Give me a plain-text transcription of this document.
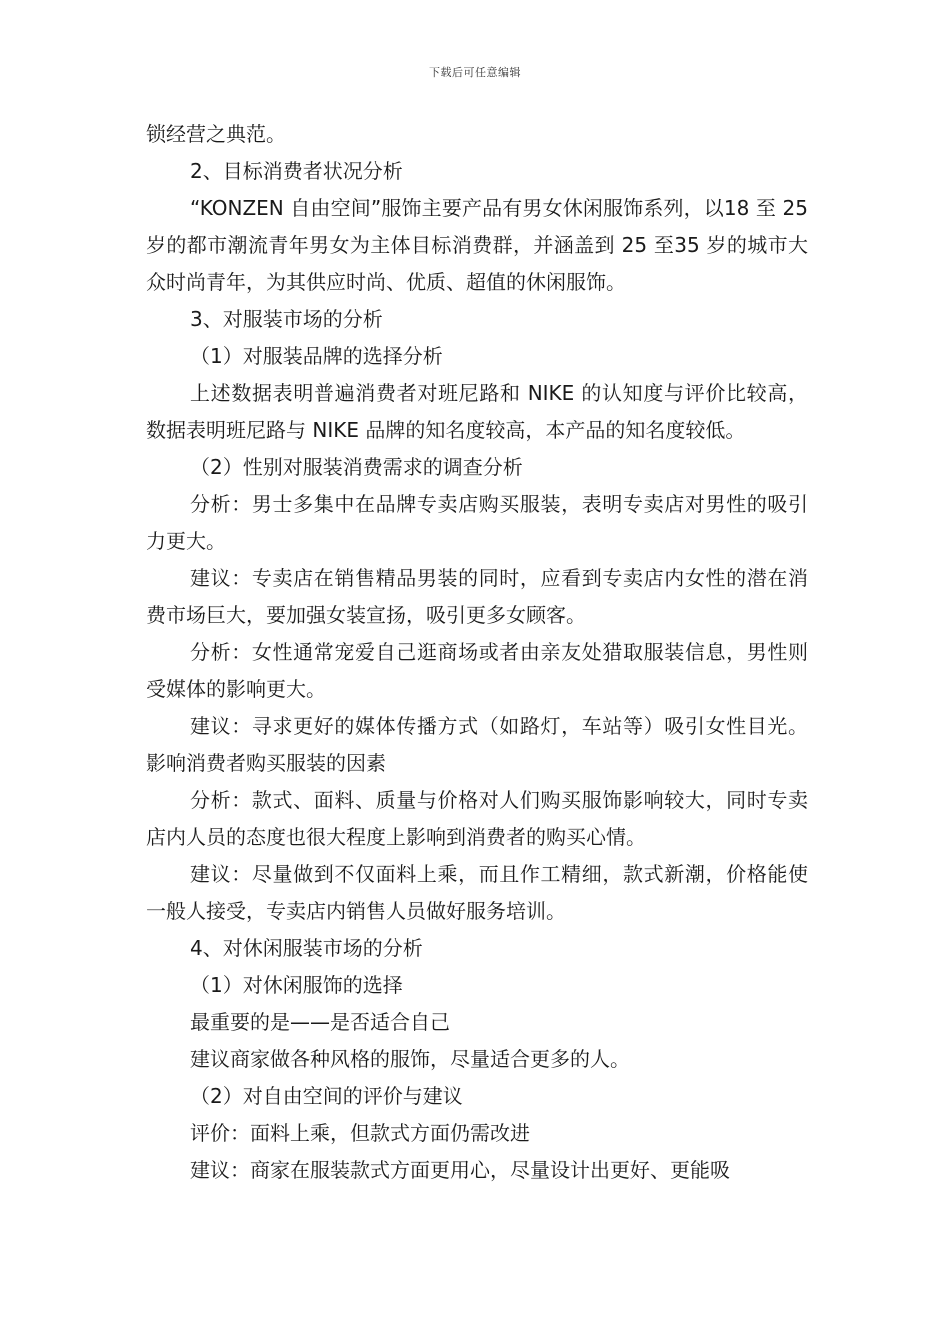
下载后可任意编辑

锁经营之典范。

2、目标消费者状况分析

“KONZEN 自由空间”服饰主要产品有男女休闲服饰系列，以18 至 25 岁的都市潮流青年男女为主体目标消费群，并涵盖到 25 至35 岁的城市大众时尚青年，为其供应时尚、优质、超值的休闲服饰。

3、对服装市场的分析

（1）对服装品牌的选择分析

上述数据表明普遍消费者对班尼路和 NIKE 的认知度与评价比较高，数据表明班尼路与 NIKE 品牌的知名度较高，本产品的知名度较低。

（2）性别对服装消费需求的调查分析

分析：男士多集中在品牌专卖店购买服装，表明专卖店对男性的吸引力更大。

建议：专卖店在销售精品男装的同时，应看到专卖店内女性的潜在消费市场巨大，要加强女装宣扬，吸引更多女顾客。

分析：女性通常宠爱自己逛商场或者由亲友处猎取服装信息，男性则受媒体的影响更大。

建议：寻求更好的媒体传播方式（如路灯，车站等）吸引女性目光。影响消费者购买服装的因素

分析：款式、面料、质量与价格对人们购买服饰影响较大，同时专卖店内人员的态度也很大程度上影响到消费者的购买心情。

建议：尽量做到不仅面料上乘，而且作工精细，款式新潮，价格能使一般人接受，专卖店内销售人员做好服务培训。

4、对休闲服装市场的分析

（1）对休闲服饰的选择

最重要的是——是否适合自己

建议商家做各种风格的服饰，尽量适合更多的人。

（2）对自由空间的评价与建议

评价：面料上乘，但款式方面仍需改进

建议：商家在服装款式方面更用心，尽量设计出更好、更能吸
